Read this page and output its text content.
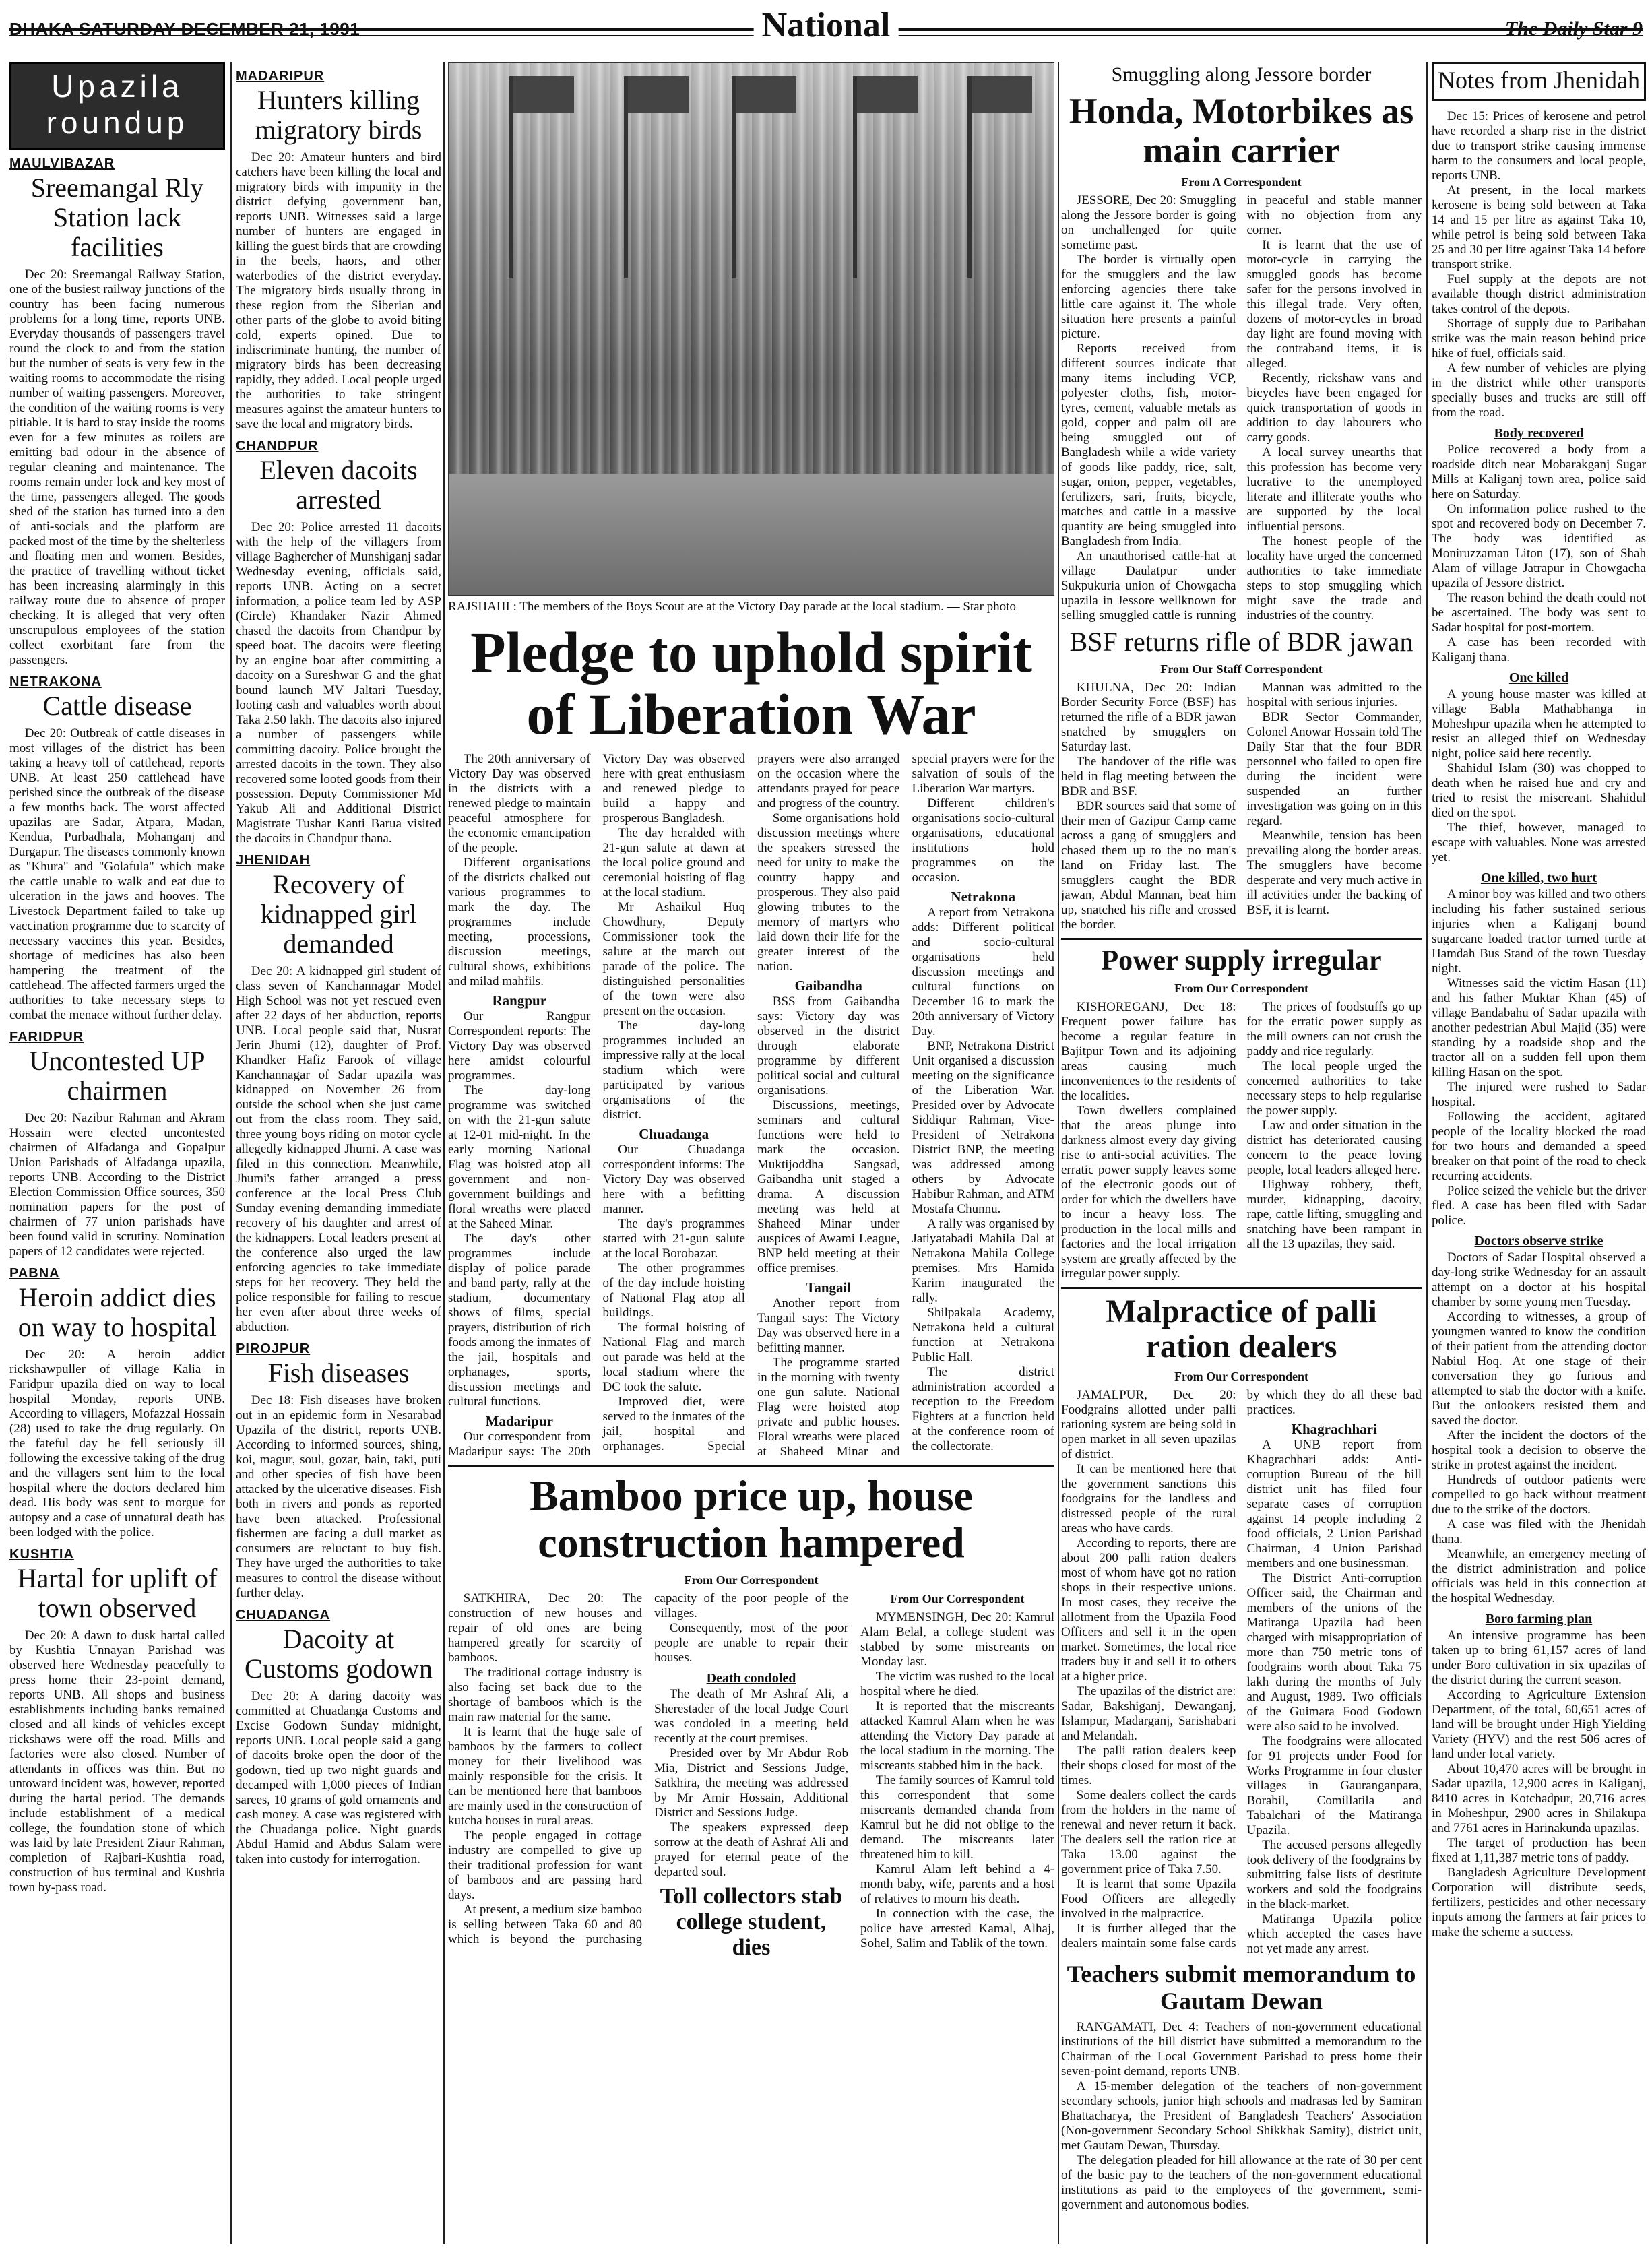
DHAKA SATURDAY DECEMBER 21, 1991	National	The Daily Star 9
Upazila roundup
MAULVIBAZAR
Sreemangal Rly Station lack facilities

Dec 20: Sreemangal Railway Station, one of the busiest railway junctions of the country has been facing numerous problems for a long time, reports UNB. Everyday thousands of passengers travel round the clock to and from the station but the number of seats is very few in the waiting rooms to accommodate the rising number of waiting passengers. Moreover, the condition of the waiting rooms is very pitiable. It is hard to stay inside the rooms even for a few minutes as toilets are emitting bad odour in the absence of regular cleaning and maintenance. The rooms remain under lock and key most of the time, passengers alleged. The goods shed of the station has turned into a den of anti-socials and the platform are packed most of the time by the shelterless and floating men and women. Besides, the practice of travelling without ticket has been increasing alarmingly in this railway route due to absence of proper checking. It is alleged that very often unscrupulous employees of the station collect exorbitant fare from the passengers.

NETRAKONA
Cattle disease

Dec 20: Outbreak of cattle diseases in most villages of the district has been taking a heavy toll of cattlehead, reports UNB. At least 250 cattlehead have perished since the outbreak of the disease a few months back. The worst affected upazilas are Sadar, Atpara, Madan, Kendua, Purbadhala, Mohanganj and Durgapur. The diseases commonly known as "Khura" and "Golafula" which make the cattle unable to walk and eat due to ulceration in the jaws and hooves. The Livestock Department failed to take up vaccination programme due to scarcity of necessary vaccines this year. Besides, shortage of medicines has also been hampering the treatment of the cattlehead. The affected farmers urged the authorities to take necessary steps to combat the menace without further delay.

FARIDPUR
Uncontested UP chairmen

Dec 20: Nazibur Rahman and Akram Hossain were elected uncontested chairmen of Alfadanga and Gopalpur Union Parishads of Alfadanga upazila, reports UNB. According to the District Election Commission Office sources, 350 nomination papers for the post of chairmen of 77 union parishads have been found valid in scrutiny. Nomination papers of 12 candidates were rejected.

PABNA
Heroin addict dies on way to hospital

Dec 20: A heroin addict rickshawpuller of village Kalia in Faridpur upazila died on way to local hospital Monday, reports UNB. According to villagers, Mofazzal Hossain (28) used to take the drug regularly. On the fateful day he fell seriously ill following the excessive taking of the drug and the villagers sent him to the local hospital where the doctors declared him dead. His body was sent to morgue for autopsy and a case of unnatural death has been lodged with the police.

KUSHTIA
Hartal for uplift of town observed

Dec 20: A dawn to dusk hartal called by Kushtia Unnayan Parishad was observed here Wednesday peacefully to press home their 23-point demand, reports UNB. All shops and business establishments including banks remained closed and all kinds of vehicles except rickshaws were off the road. Mills and factories were also closed. Number of attendants in offices was thin. But no untoward incident was, however, reported during the hartal period. The demands include establishment of a medical college, the foundation stone of which was laid by late President Ziaur Rahman, completion of Rajbari-Kushtia road, construction of bus terminal and Kushtia town by-pass road.

MADARIPUR
Hunters killing migratory birds

Dec 20: Amateur hunters and bird catchers have been killing the local and migratory birds with impunity in the district defying government ban, reports UNB. Witnesses said a large number of hunters are engaged in killing the guest birds that are crowding in the beels, haors, and other waterbodies of the district everyday. The migratory birds usually throng in these region from the Siberian and other parts of the globe to avoid biting cold, experts opined. Due to indiscriminate hunting, the number of migratory birds has been decreasing rapidly, they added. Local people urged the authorities to take stringent measures against the amateur hunters to save the local and migratory birds.

CHANDPUR
Eleven dacoits arrested

Dec 20: Police arrested 11 dacoits with the help of the villagers from village Baghercher of Munshiganj sadar Wednesday evening, officials said, reports UNB. Acting on a secret information, a police team led by ASP (Circle) Khandaker Nazir Ahmed chased the dacoits from Chandpur by speed boat. The dacoits were fleeting by an engine boat after committing a dacoity on a Sureshwar G and the ghat bound launch MV Jaltari Tuesday, looting cash and valuables worth about Taka 2.50 lakh. The dacoits also injured a number of passengers while committing dacoity. Police brought the arrested dacoits in the town. They also recovered some looted goods from their possession. Deputy Commissioner Md Yakub Ali and Additional District Magistrate Tushar Kanti Barua visited the dacoits in Chandpur thana.

JHENIDAH
Recovery of kidnapped girl demanded

Dec 20: A kidnapped girl student of class seven of Kanchannagar Model High School was not yet rescued even after 22 days of her abduction, reports UNB. Local people said that, Nusrat Jerin Jhumi (12), daughter of Prof. Khandker Hafiz Farook of village Kanchannagar of Sadar upazila was kidnapped on November 26 from outside the school when she just came out from the class room. They said, three young boys riding on motor cycle allegedly kidnapped Jhumi. A case was filed in this connection. Meanwhile, Jhumi's father arranged a press conference at the local Press Club Sunday evening demanding immediate recovery of his daughter and arrest of the kidnappers. Local leaders present at the conference also urged the law enforcing agencies to take immediate steps for her recovery. They held the police responsible for failing to rescue her even after about three weeks of abduction.

PIROJPUR
Fish diseases

Dec 18: Fish diseases have broken out in an epidemic form in Nesarabad Upazila of the district, reports UNB. According to informed sources, shing, koi, magur, soul, gozar, bain, taki, puti and other species of fish have been attacked by the ulcerative diseases. Fish both in rivers and ponds as reported have been attacked. Professional fishermen are facing a dull market as consumers are reluctant to buy fish. They have urged the authorities to take measures to control the disease without further delay.

CHUADANGA
Dacoity at Customs godown

Dec 20: A daring dacoity was committed at Chuadanga Customs and Excise Godown Sunday midnight, reports UNB. Local people said a gang of dacoits broke open the door of the godown, tied up two night guards and decamped with 1,000 pieces of Indian sarees, 10 grams of gold ornaments and cash money. A case was registered with the Chuadanga police. Night guards Abdul Hamid and Abdus Salam were taken into custody for interrogation.

RAJSHAHI : The members of the Boys Scout are at the Victory Day parade at the local stadium. — Star photo
Pledge to uphold spirit of Liberation War

The 20th anniversary of Victory Day was observed in the districts with a renewed pledge to maintain peaceful atmosphere for the economic emancipation of the people.

Different organisations of the districts chalked out various programmes to mark the day. The programmes include meeting, processions, discussion meetings, cultural shows, exhibitions and milad mahfils.

Rangpur

Our Rangpur Correspondent reports: The Victory Day was observed here amidst colourful programmes.

The day-long programme was switched on with the 21-gun salute at 12-01 mid-night. In the early morning National Flag was hoisted atop all government and non-government buildings and floral wreaths were placed at the Saheed Minar.

The day's other programmes include display of police parade and band party, rally at the stadium, documentary shows of films, special prayers, distribution of rich foods among the inmates of the jail, hospitals and orphanages, sports, discussion meetings and cultural functions.

Madaripur

Our correspondent from Madaripur says: The 20th Victory Day was observed here with great enthusiasm and renewed pledge to build a happy and prosperous Bangladesh.

The day heralded with 21-gun salute at dawn at the local police ground and ceremonial hoisting of flag at the local stadium.

Mr Ashaikul Huq Chowdhury, Deputy Commissioner took the salute at the march out parade of the police. The distinguished personalities of the town were also present on the occasion.

The day-long programmes included an impressive rally at the local stadium which were participated by various organisations of the district.

Chuadanga

Our Chuadanga correspondent informs: The Victory Day was observed here with a befitting manner.

The day's programmes started with 21-gun salute at the local Borobazar.

The other programmes of the day include hoisting of National Flag atop all buildings.

The formal hoisting of National Flag and march out parade was held at the local stadium where the DC took the salute.

Improved diet, were served to the inmates of the jail, hospital and orphanages. Special prayers were also arranged on the occasion where the attendants prayed for peace and progress of the country.

Some organisations hold discussion meetings where the speakers stressed the need for unity to make the country happy and prosperous. They also paid glowing tributes to the memory of martyrs who laid down their life for the greater interest of the nation.

Gaibandha

BSS from Gaibandha says: Victory day was observed in the district through elaborate programme by different political social and cultural organisations.

Discussions, meetings, seminars and cultural functions were held to mark the occasion. Muktijoddha Sangsad, Gaibandha unit staged a drama. A discussion meeting was held at Shaheed Minar under auspices of Awami League, BNP held meeting at their office premises.

Tangail

Another report from Tangail says: The Victory Day was observed here in a befitting manner.

The programme started in the morning with twenty one gun salute. National Flag were hoisted atop private and public houses. Floral wreaths were placed at Shaheed Minar and special prayers were for the salvation of souls of the Liberation War martyrs.

Different children's organisations socio-cultural organisations, educational institutions hold programmes on the occasion.

Netrakona

A report from Netrakona adds: Different political and socio-cultural organisations held discussion meetings and cultural functions on December 16 to mark the 20th anniversary of Victory Day.

BNP, Netrakona District Unit organised a discussion meeting on the significance of the Liberation War. Presided over by Advocate Siddiqur Rahman, Vice-President of Netrakona District BNP, the meeting was addressed among others by Advocate Habibur Rahman, and ATM Mostafa Chunnu.

A rally was organised by Jatiyatabadi Mahila Dal at Netrakona Mahila College premises. Mrs Hamida Karim inaugurated the rally.

Shilpakala Academy, Netrakona held a cultural function at Netrakona Public Hall.

The district administration accorded a reception to the Freedom Fighters at a function held at the conference room of the collectorate.

Bamboo price up, house construction hampered
From Our Correspondent

SATKHIRA, Dec 20: The construction of new houses and repair of old ones are being hampered greatly for scarcity of bamboos.

The traditional cottage industry is also facing set back due to the shortage of bamboos which is the main raw material for the same.

It is learnt that the huge sale of bamboos by the farmers to collect money for their livelihood was mainly responsible for the crisis. It can be mentioned here that bamboos are mainly used in the construction of kutcha houses in rural areas.

The people engaged in cottage industry are compelled to give up their traditional profession for want of bamboos and are passing hard days.

At present, a medium size bamboo is selling between Taka 60 and 80 which is beyond the purchasing capacity of the poor people of the villages.

Consequently, most of the poor people are unable to repair their houses.

Death condoled

The death of Mr Ashraf Ali, a Sherestader of the local Judge Court was condoled in a meeting held recently at the court premises.

Presided over by Mr Abdur Rob Mia, District and Sessions Judge, Satkhira, the meeting was addressed by Mr Amir Hossain, Additional District and Sessions Judge.

The speakers expressed deep sorrow at the death of Ashraf Ali and prayed for eternal peace of the departed soul.

Toll collectors stab college student, dies
From Our Correspondent

MYMENSINGH, Dec 20: Kamrul Alam Belal, a college student was stabbed by some miscreants on Monday last.

The victim was rushed to the local hospital where he died.

It is reported that the miscreants attacked Kamrul Alam when he was attending the Victory Day parade at the local stadium in the morning. The miscreants stabbed him in the back.

The family sources of Kamrul told this correspondent that some miscreants demanded chanda from Kamrul but he did not oblige to the demand. The miscreants later threatened him to kill.

Kamrul Alam left behind a 4-month baby, wife, parents and a host of relatives to mourn his death.

In connection with the case, the police have arrested Kamal, Alhaj, Sohel, Salim and Tablik of the town.

Smuggling along Jessore border
Honda, Motorbikes as main carrier
From A Correspondent

JESSORE, Dec 20: Smuggling along the Jessore border is going on unchallenged for quite sometime past.

The border is virtually open for the smugglers and the law enforcing agencies there take little care against it. The whole situation here presents a painful picture.

Reports received from different sources indicate that many items including VCP, polyester cloths, fish, motor-tyres, cement, valuable metals as gold, copper and palm oil are being smuggled out of Bangladesh while a wide variety of goods like paddy, rice, salt, sugar, onion, pepper, vegetables, fertilizers, sari, fruits, bicycle, matches and cattle in a massive quantity are being smuggled into Bangladesh from India.

An unauthorised cattle-hat at village Daulatpur under Sukpukuria union of Chowgacha upazila in Jessore wellknown for selling smuggled cattle is running in peaceful and stable manner with no objection from any corner.

It is learnt that the use of motor-cycle in carrying the smuggled goods has become safer for the persons involved in this illegal trade. Very often, dozens of motor-cycles in broad day light are found moving with the contraband items, it is alleged.

Recently, rickshaw vans and bicycles have been engaged for quick transportation of goods in addition to day labourers who carry goods.

A local survey unearths that this profession has become very lucrative to the unemployed literate and illiterate youths who are supported by the local influential persons.

The honest people of the locality have urged the concerned authorities to take immediate steps to stop smuggling which might save the trade and industries of the country.

BSF returns rifle of BDR jawan
From Our Staff Correspondent

KHULNA, Dec 20: Indian Border Security Force (BSF) has returned the rifle of a BDR jawan snatched by smugglers on Saturday last.

The handover of the rifle was held in flag meeting between the BDR and BSF.

BDR sources said that some of their men of Gazipur Camp came across a gang of smugglers and chased them up to the no man's land on Friday last. The smugglers caught the BDR jawan, Abdul Mannan, beat him up, snatched his rifle and crossed the border.

Mannan was admitted to the hospital with serious injuries.

BDR Sector Commander, Colonel Anowar Hossain told The Daily Star that the four BDR personnel who failed to open fire during the incident were suspended an further investigation was going on in this regard.

Meanwhile, tension has been prevailing along the border areas. The smugglers have become desperate and very much active in ill activities under the backing of BSF, it is learnt.

Power supply irregular
From Our Correspondent

KISHOREGANJ, Dec 18: Frequent power failure has become a regular feature in Bajitpur Town and its adjoining areas causing much inconveniences to the residents of the localities.

Town dwellers complained that the areas plunge into darkness almost every day giving rise to anti-social activities. The erratic power supply leaves some of the electronic goods out of order for which the dwellers have to incur a heavy loss. The production in the local mills and factories and the local irrigation system are greatly affected by the irregular power supply.

The prices of foodstuffs go up for the erratic power supply as the mill owners can not crush the paddy and rice regularly.

The local people urged the concerned authorities to take necessary steps to help regularise the power supply.

Law and order situation in the district has deteriorated causing concern to the peace loving people, local leaders alleged here.

Highway robbery, theft, murder, kidnapping, dacoity, rape, cattle lifting, smuggling and snatching have been rampant in all the 13 upazilas, they said.

Malpractice of palli ration dealers
From Our Correspondent

JAMALPUR, Dec 20: Foodgrains allotted under palli rationing system are being sold in open market in all seven upazilas of district.

It can be mentioned here that the government sanctions this foodgrains for the landless and distressed people of the rural areas who have cards.

According to reports, there are about 200 palli ration dealers most of whom have got no ration shops in their respective unions. In most cases, they receive the allotment from the Upazila Food Officers and sell it in the open market. Sometimes, the local rice traders buy it and sell it to others at a higher price.

The upazilas of the district are: Sadar, Bakshiganj, Dewanganj, Islampur, Madarganj, Sarishabari and Melandah.

The palli ration dealers keep their shops closed for most of the times.

Some dealers collect the cards from the holders in the name of renewal and never return it back. The dealers sell the ration rice at Taka 13.00 against the government price of Taka 7.50.

It is learnt that some Upazila Food Officers are allegedly involved in the malpractice.

It is further alleged that the dealers maintain some false cards by which they do all these bad practices.

Khagrachhari

A UNB report from Khagrachhari adds: Anti-corruption Bureau of the hill district unit has filed four separate cases of corruption against 14 people including 2 food officials, 2 Union Parishad Chairman, 4 Union Parishad members and one businessman.

The District Anti-corruption Officer said, the Chairman and members of the unions of the Matiranga Upazila had been charged with misappropriation of more than 750 metric tons of foodgrains worth about Taka 75 lakh during the months of July and August, 1989. Two officials of the Guimara Food Godown were also said to be involved.

The foodgrains were allocated for 91 projects under Food for Works Programme in four cluster villages in Gauranganpara, Borabil, Comillatila and Tabalchari of the Matiranga Upazila.

The accused persons allegedly took delivery of the foodgrains by submitting false lists of destitute workers and sold the foodgrains in the black-market.

Matiranga Upazila police which accepted the cases have not yet made any arrest.

Teachers submit memorandum to Gautam Dewan

RANGAMATI, Dec 4: Teachers of non-government educational institutions of the hill district have submitted a memorandum to the Chairman of the Local Government Parishad to press home their seven-point demand, reports UNB.

A 15-member delegation of the teachers of non-government secondary schools, junior high schools and madrasas led by Samiran Bhattacharya, the President of Bangladesh Teachers' Association (Non-government Secondary School Shikkhak Samity), district unit, met Gautam Dewan, Thursday.

The delegation pleaded for hill allowance at the rate of 30 per cent of the basic pay to the teachers of the non-government educational institutions as paid to the employees of the government, semi-government and autonomous bodies.

Notes from Jhenidah

Dec 15: Prices of kerosene and petrol have recorded a sharp rise in the district due to transport strike causing immense harm to the consumers and local people, reports UNB.

At present, in the local markets kerosene is being sold between at Taka 14 and 15 per litre as against Taka 10, while petrol is being sold between Taka 25 and 30 per litre against Taka 14 before transport strike.

Fuel supply at the depots are not available though district administration takes control of the depots.

Shortage of supply due to Paribahan strike was the main reason behind price hike of fuel, officials said.

A few number of vehicles are plying in the district while other transports specially buses and trucks are still off from the road.

Body recovered

Police recovered a body from a roadside ditch near Mobarakganj Sugar Mills at Kaliganj town area, police said here on Saturday.

On information police rushed to the spot and recovered body on December 7. The body was identified as Moniruzzaman Liton (17), son of Shah Alam of village Jatrapur in Chowgacha upazila of Jessore district.

The reason behind the death could not be ascertained. The body was sent to Sadar hospital for post-mortem.

A case has been recorded with Kaliganj thana.

One killed

A young house master was killed at village Babla Mathabhanga in Moheshpur upazila when he attempted to resist an alleged thief on Wednesday night, police said here recently.

Shahidul Islam (30) was chopped to death when he raised hue and cry and tried to resist the miscreant. Shahidul died on the spot.

The thief, however, managed to escape with valuables. None was arrested yet.

One killed, two hurt

A minor boy was killed and two others including his father sustained serious injuries when a Kaliganj bound sugarcane loaded tractor turned turtle at Hamdah Bus Stand of the town Tuesday night.

Witnesses said the victim Hasan (11) and his father Muktar Khan (45) of village Bandabahu of Sadar upazila with another pedestrian Abul Majid (35) were standing by a roadside shop and the tractor all on a sudden fell upon them killing Hasan on the spot.

The injured were rushed to Sadar hospital.

Following the accident, agitated people of the locality blocked the road for two hours and demanded a speed breaker on that point of the road to check recurring accidents.

Police seized the vehicle but the driver fled. A case has been filed with Sadar police.

Doctors observe strike

Doctors of Sadar Hospital observed a day-long strike Wednesday for an assault attempt on a doctor at his hospital chamber by some young men Tuesday.

According to witnesses, a group of youngmen wanted to know the condition of their patient from the attending doctor Nabiul Hoq. At one stage of their conversation they go furious and attempted to stab the doctor with a knife. But the onlookers resisted them and saved the doctor.

After the incident the doctors of the hospital took a decision to observe the strike in protest against the incident.

Hundreds of outdoor patients were compelled to go back without treatment due to the strike of the doctors.

A case was filed with the Jhenidah thana.

Meanwhile, an emergency meeting of the district administration and police officials was held in this connection at the hospital Wednesday.

Boro farming plan

An intensive programme has been taken up to bring 61,157 acres of land under Boro cultivation in six upazilas of the district during the current season.

According to Agriculture Extension Department, of the total, 60,651 acres of land will be brought under High Yielding Variety (HYV) and the rest 506 acres of land under local variety.

About 10,470 acres will be brought in Sadar upazila, 12,900 acres in Kaliganj, 8410 acres in Kotchadpur, 20,716 acres in Moheshpur, 2900 acres in Shilakupa and 7761 acres in Harinakunda upazilas.

The target of production has been fixed at 1,11,387 metric tons of paddy.

Bangladesh Agriculture Development Corporation will distribute seeds, fertilizers, pesticides and other necessary inputs among the farmers at fair prices to make the scheme a success.
